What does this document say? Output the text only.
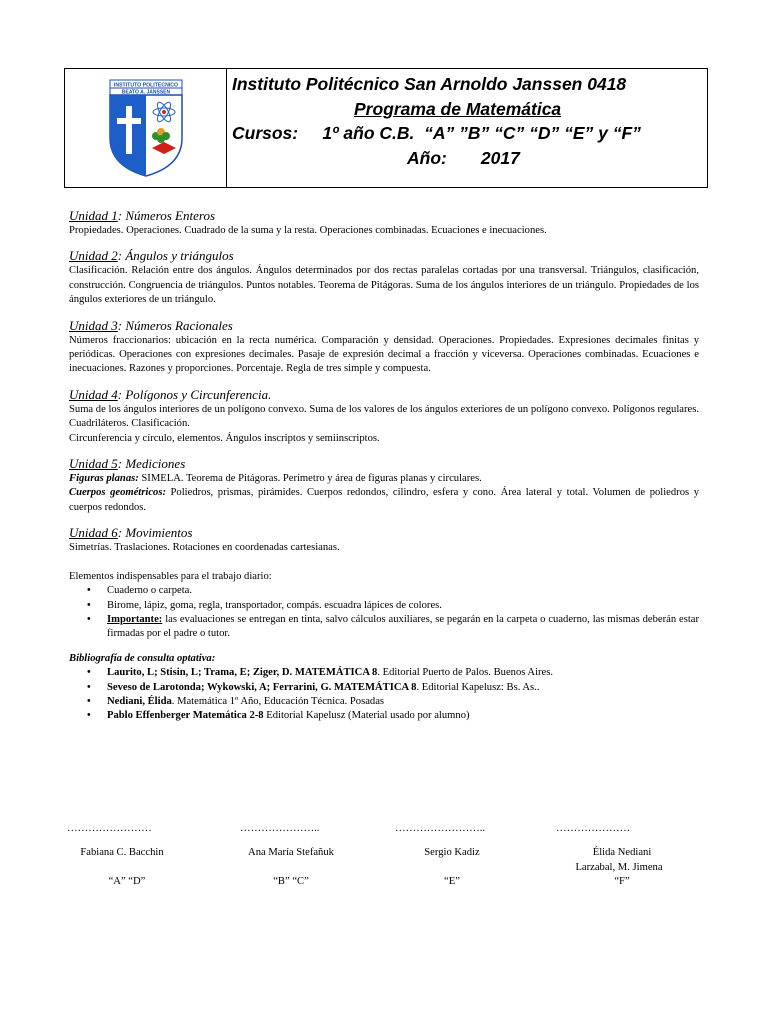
INSTITUTO POLITECNICO
BEATO A. JANSSEN	Instituto Politécnico San Arnoldo Janssen 0418
Programa de Matemática
Cursos:     1º año C.B.  “A” ”B” “C” “D” “E” y “F”
Año:       2017
Unidad 1: Números Enteros

Propiedades. Operaciones. Cuadrado de la suma y la resta. Operaciones combinadas. Ecuaciones e inecuaciones.

Unidad 2: Ángulos y triángulos

Clasificación. Relación entre dos ángulos. Ángulos determinados por dos rectas paralelas cortadas por una transversal. Triángulos, clasificación, construcción. Congruencia de triángulos. Puntos notables. Teorema de Pitágoras. Suma de los ángulos interiores de un triángulo. Propiedades de los ángulos exteriores de un triángulo.

Unidad 3: Números Racionales

Números fraccionarios: ubicación en la recta numérica. Comparación y densidad. Operaciones. Propiedades. Expresiones decimales finitas y periódicas. Operaciones con expresiones decimales. Pasaje de expresión decimal a fracción y viceversa. Operaciones combinadas. Ecuaciones e inecuaciones. Razones y proporciones. Porcentaje. Regla de tres simple y compuesta.

Unidad 4: Polígonos y Circunferencia.

Suma de los ángulos interiores de un polígono convexo. Suma de los valores de los ángulos exteriores de un polígono convexo. Polígonos regulares. Cuadriláteros. Clasificación.

Circunferencia y círculo, elementos. Ángulos inscriptos y semiinscriptos.

Unidad 5: Mediciones

Figuras planas: SIMELA. Teorema de Pitágoras. Perímetro y área de figuras planas y circulares.

Cuerpos geométricos: Poliedros, prismas, pirámides. Cuerpos redondos, cilindro, esfera y cono. Área lateral y total. Volumen de poliedros y cuerpos redondos.

Unidad 6: Movimientos

Simetrías. Traslaciones. Rotaciones en coordenadas cartesianas.

Elementos indispensables para el trabajo diario:

• Cuaderno o carpeta.
• Birome, lápiz, goma, regla, transportador, compás. escuadra lápices de colores.
• Importante: las evaluaciones se entregan en tinta, salvo cálculos auxiliares, se pegarán en la carpeta o cuaderno, las mismas deberán estar firmadas por el padre o tutor.
Bibliografía de consulta optativa:
• Laurito, L; Stisin, L; Trama, E; Ziger, D. MATEMÁTICA 8. Editorial Puerto de Palos. Buenos Aires.
• Seveso de Larotonda; Wykowski, A; Ferrarini, G. MATEMÁTICA 8. Editorial Kapelusz: Bs. As..
• Nediani, Élida. Matemática 1º Año, Educación Técnica. Posadas
• Pablo Effenberger Matemática 2-8 Editorial Kapelusz (Material usado por alumno)
……………………
Fabiana C. Bacchin
“A” “D”
…………………..
Ana María Stefañuk
“B” “C”
……………………..
Sergio Kadiz
“E”
…………………
Élida Nediani
Larzabal, M. Jimena
“F”
